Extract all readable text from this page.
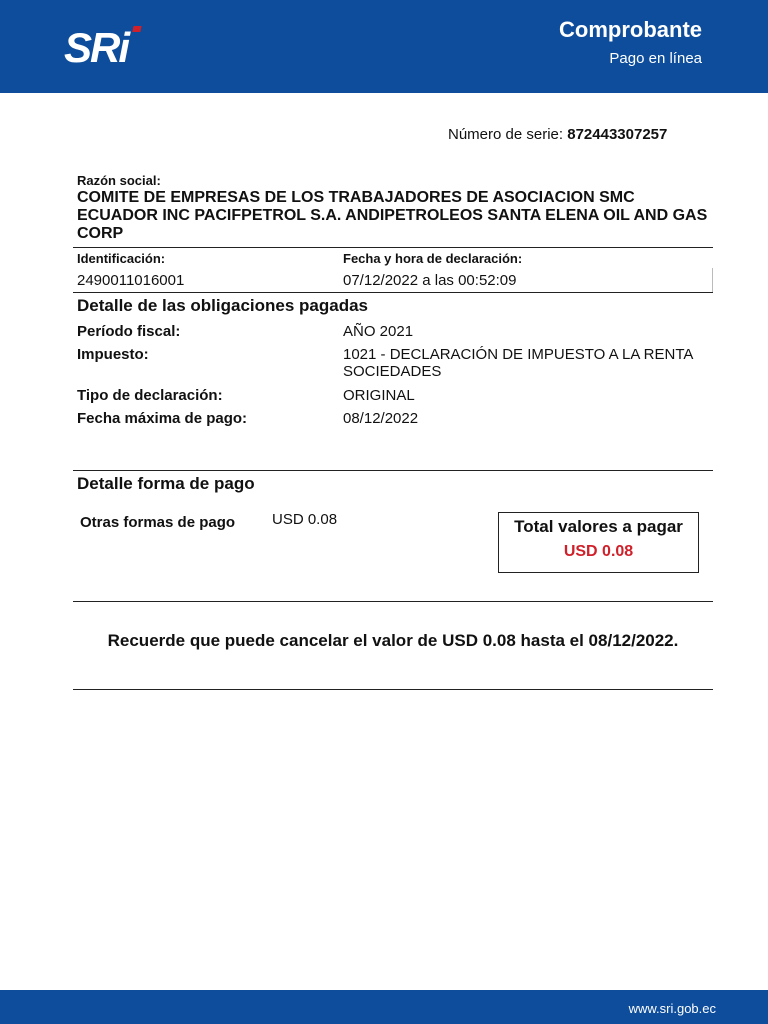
SRi	Comprobante
Pago en línea
Número de serie: 872443307257
Razón social:
COMITE DE EMPRESAS DE LOS TRABAJADORES DE ASOCIACION SMC ECUADOR INC PACIFPETROL S.A. ANDIPETROLEOS SANTA ELENA OIL AND GAS CORP
Identificación:	Fecha y hora de declaración:
2490011016001	07/12/2022 a las 00:52:09
Detalle de las obligaciones pagadas
Período fiscal:	AÑO 2021
Impuesto:	1021 - DECLARACIÓN DE IMPUESTO A LA RENTA SOCIEDADES
Tipo de declaración:	ORIGINAL
Fecha máxima de pago:	08/12/2022
Detalle forma de pago
Otras formas de pago USD 0.08	Total valores a pagar
USD 0.08
Recuerde que puede cancelar el valor de USD 0.08 hasta el 08/12/2022.
www.sri.gob.ec
